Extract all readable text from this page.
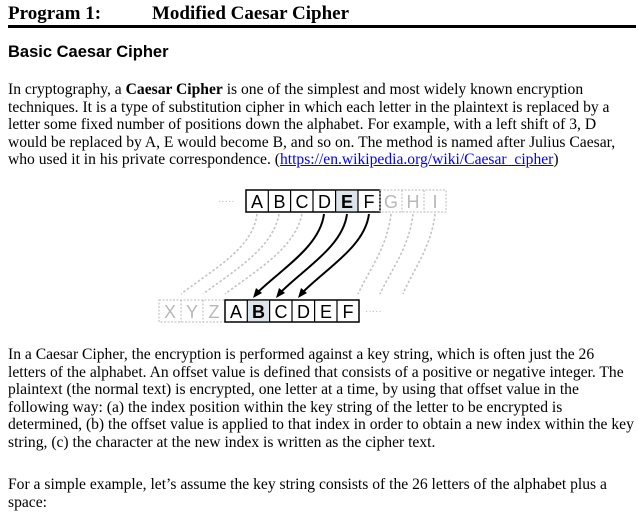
Program 1:	Modified Caesar Cipher
Basic Caesar Cipher

In cryptography, a Caesar Cipher is one of the simplest and most widely known encryption techniques. It is a type of substitution cipher in which each letter in the plaintext is replaced by a letter some fixed number of positions down the alphabet. For example, with a left shift of 3, D would be replaced by A, E would become B, and so on. The method is named after Julius Caesar, who used it in his private correspondence. (https://en.wikipedia.org/wiki/Caesar_cipher)

····· A B C D E F G H I
X Y Z A B C D E F ·····

In a Caesar Cipher, the encryption is performed against a key string, which is often just the 26 letters of the alphabet. An offset value is defined that consists of a positive or negative integer. The plaintext (the normal text) is encrypted, one letter at a time, by using that offset value in the following way: (a) the index position within the key string of the letter to be encrypted is determined, (b) the offset value is applied to that index in order to obtain a new index within the key string, (c) the character at the new index is written as the cipher text.

For a simple example, let’s assume the key string consists of the 26 letters of the alphabet plus a space:
